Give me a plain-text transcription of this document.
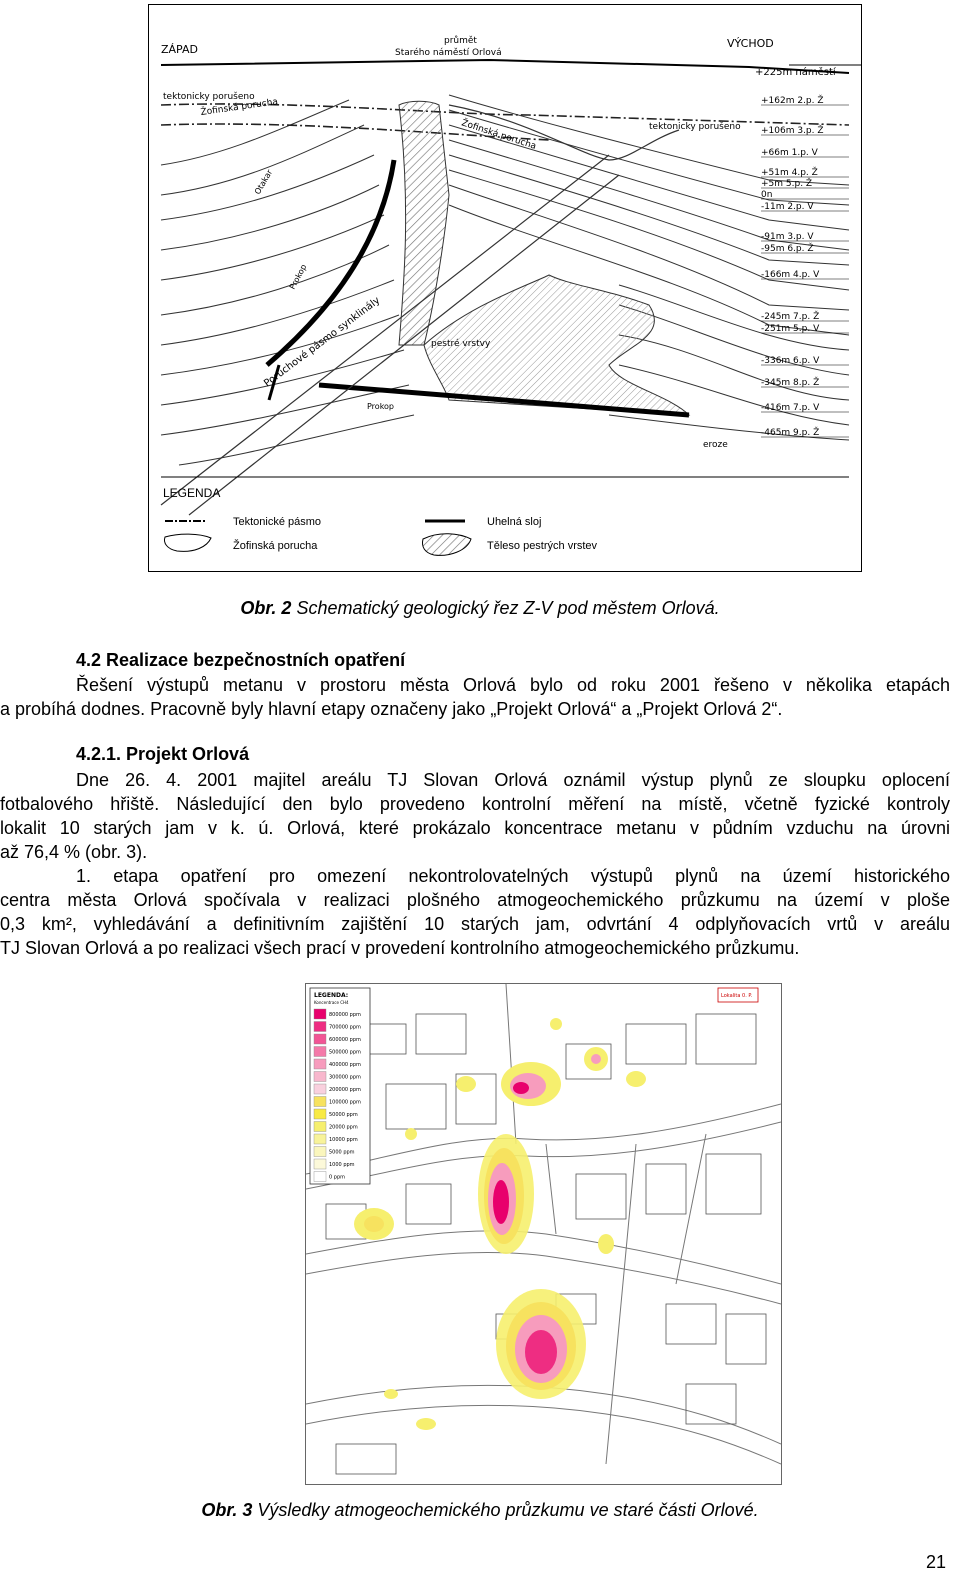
ZÁPAD	VÝCHOD
průmět
Starého náměstí Orlová
+225m náměstí
tektonicky porušeno
Žofinská porucha
Žofinská porucha	tektonicky porušeno
Otakar
Prokop
pestré vrstvy
Poruchové pásmo synklinály
Prokop
eroze
+162m 2.p. Ž
+106m 3.p. Ž
+66m 1.p. V
+51m 4.p. Ž
+5m 5.p. Ž
0n
-11m 2.p. V
-91m 3.p. V
-95m 6.p. Ž
-166m 4.p. V
-245m 7.p. Ž
-251m 5.p. V
-336m 6.p. V
-345m 8.p. Ž
-416m 7.p. V
-465m 9.p. Ž
LEGENDA
Tektonické pásmo
Žofinská porucha
Uhelná sloj
Těleso pestrých vrstev
Obr. 2 Schematický geologický řez Z-V pod městem Orlová.
4.2 Realizace bezpečnostních opatření
Řešení výstupů metanu v prostoru města Orlová bylo od roku 2001 řešeno v několika etapách
a probíhá dodnes. Pracovně byly hlavní etapy označeny jako „Projekt Orlová“ a „Projekt Orlová 2“.
4.2.1. Projekt Orlová
Dne 26. 4. 2001 majitel areálu TJ Slovan Orlová oznámil výstup plynů ze sloupku oplocení
fotbalového hřiště. Následující den bylo provedeno kontrolní měření na místě, včetně fyzické kontroly
lokalit 10 starých jam v k. ú. Orlová, které prokázalo koncentrace metanu v půdním vzduchu na úrovni
až 76,4 % (obr. 3).
1. etapa opatření pro omezení nekontrolovatelných výstupů plynů na území historického
centra města Orlová spočívala v realizaci plošného atmogeochemického průzkumu na území v ploše
0,3 km², vyhledávání a definitivním zajištění 10 starých jam, odvrtání 4 odplyňovacích vrtů v areálu
TJ Slovan Orlová a po realizaci všech prací v provedení kontrolního atmogeochemického průzkumu.
LEGENDA:
Koncentrace CH4
800000 ppm
700000 ppm
600000 ppm
500000 ppm
400000 ppm
300000 ppm
200000 ppm
100000 ppm
50000 ppm
20000 ppm
10000 ppm
5000 ppm
1000 ppm
0 ppm
Lokalita 0. P.
Obr. 3 Výsledky atmogeochemického průzkumu ve staré části Orlové.
21
